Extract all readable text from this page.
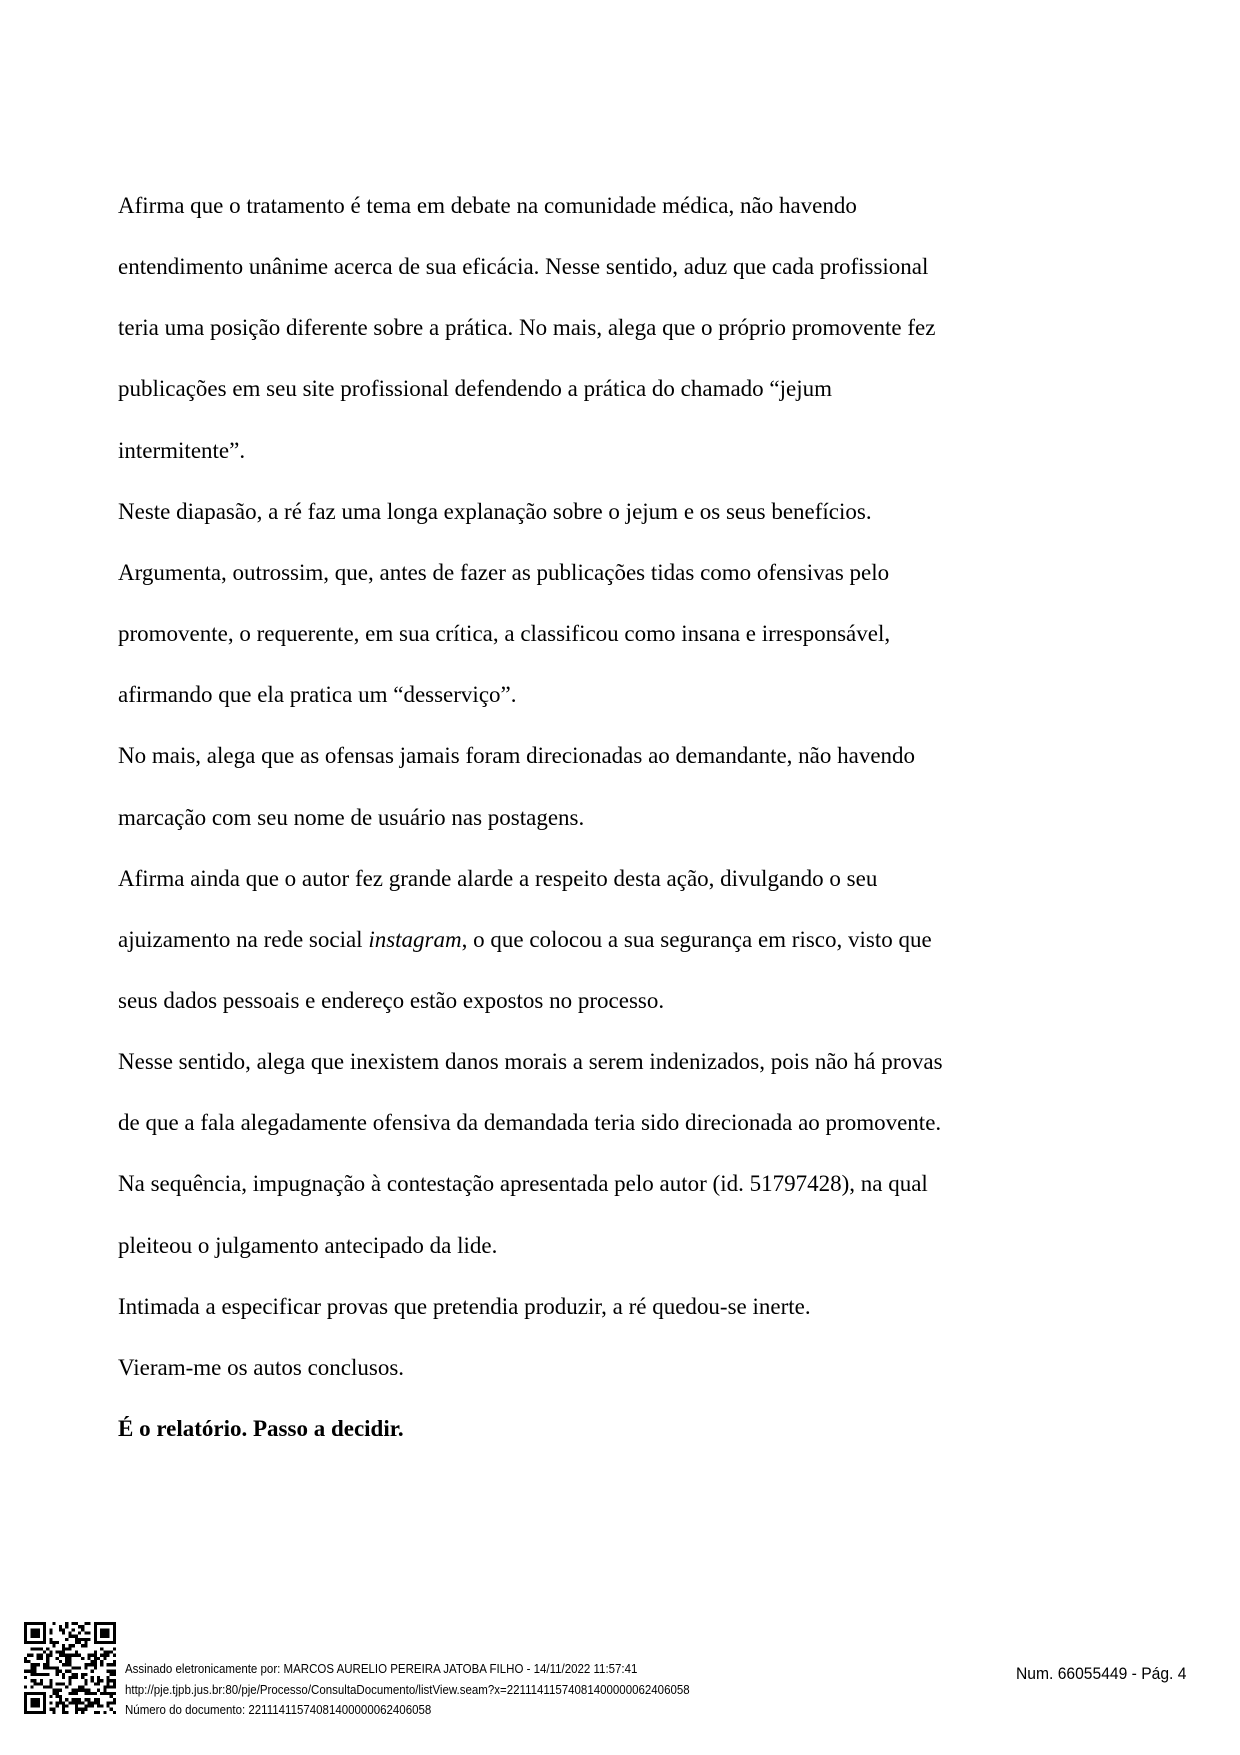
Afirma que o tratamento é tema em debate na comunidade médica, não havendo
entendimento unânime acerca de sua eficácia. Nesse sentido, aduz que cada profissional
teria uma posição diferente sobre a prática. No mais, alega que o próprio promovente fez
publicações em seu site profissional defendendo a prática do chamado “jejum
intermitente”.
Neste diapasão, a ré faz uma longa explanação sobre o jejum e os seus benefícios.
Argumenta, outrossim, que, antes de fazer as publicações tidas como ofensivas pelo
promovente, o requerente, em sua crítica, a classificou como insana e irresponsável,
afirmando que ela pratica um “desserviço”.
No mais, alega que as ofensas jamais foram direcionadas ao demandante, não havendo
marcação com seu nome de usuário nas postagens.
Afirma ainda que o autor fez grande alarde a respeito desta ação, divulgando o seu
ajuizamento na rede social instagram, o que colocou a sua segurança em risco, visto que
seus dados pessoais e endereço estão expostos no processo.
Nesse sentido, alega que inexistem danos morais a serem indenizados, pois não há provas
de que a fala alegadamente ofensiva da demandada teria sido direcionada ao promovente.
Na sequência, impugnação à contestação apresentada pelo autor (id. 51797428), na qual
pleiteou o julgamento antecipado da lide.
Intimada a especificar provas que pretendia produzir, a ré quedou-se inerte.
Vieram-me os autos conclusos.
É o relatório. Passo a decidir.
Assinado eletronicamente por: MARCOS AURELIO PEREIRA JATOBA FILHO - 14/11/2022 11:57:41
http://pje.tjpb.jus.br:80/pje/Processo/ConsultaDocumento/listView.seam?x=22111411574081400000062406058
Número do documento: 22111411574081400000062406058
Num. 66055449 - Pág. 4
